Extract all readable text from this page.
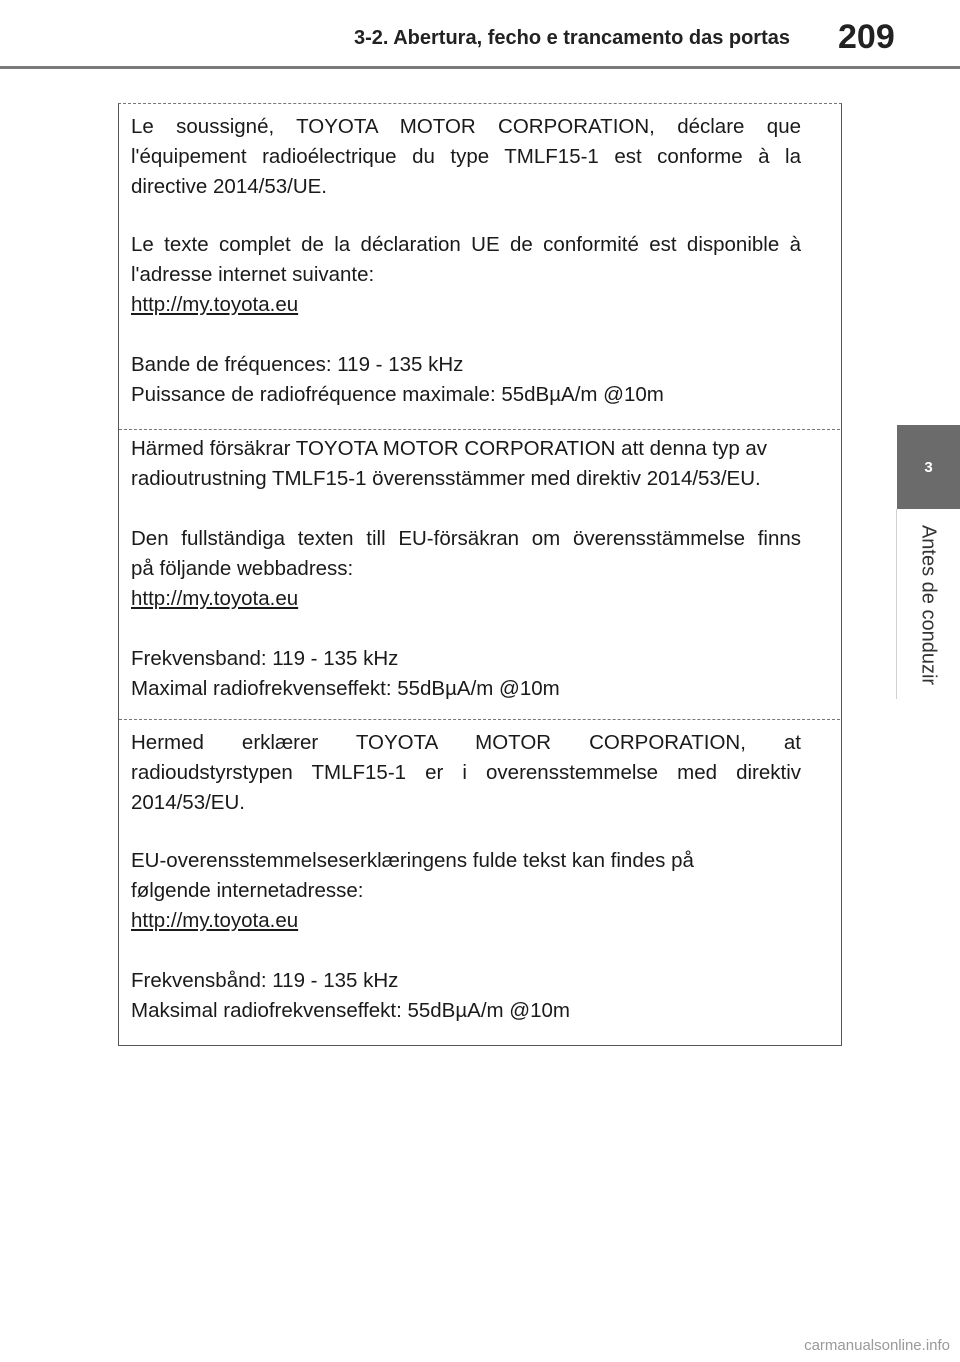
3-2. Abertura, fecho e trancamento das portas 209
3
Antes de conduzir
Le soussigné, TOYOTA MOTOR CORPORATION, déclare que
l'équipement radioélectrique du type TMLF15-1 est conforme à la
directive 2014/53/UE.
Le texte complet de la déclaration UE de conformité est disponible à
l'adresse internet suivante:
http://my.toyota.eu
Bande de fréquences: 119 - 135 kHz
Puissance de radiofréquence maximale: 55dBµA/m @10m
Härmed försäkrar TOYOTA MOTOR CORPORATION att denna typ av
radioutrustning TMLF15-1 överensstämmer med direktiv 2014/53/EU.
Den fullständiga texten till EU-försäkran om överensstämmelse finns
på följande webbadress:
http://my.toyota.eu
Frekvensband: 119 - 135 kHz
Maximal radiofrekvenseffekt: 55dBµA/m @10m
Hermed erklærer TOYOTA MOTOR CORPORATION, at
radioudstyrstypen TMLF15-1 er i overensstemmelse med direktiv
2014/53/EU.
EU-overensstemmelseserklæringens fulde tekst kan findes på
følgende internetadresse:
http://my.toyota.eu
Frekvensbånd: 119 - 135 kHz
Maksimal radiofrekvenseffekt: 55dBµA/m @10m
carmanualsonline.info
